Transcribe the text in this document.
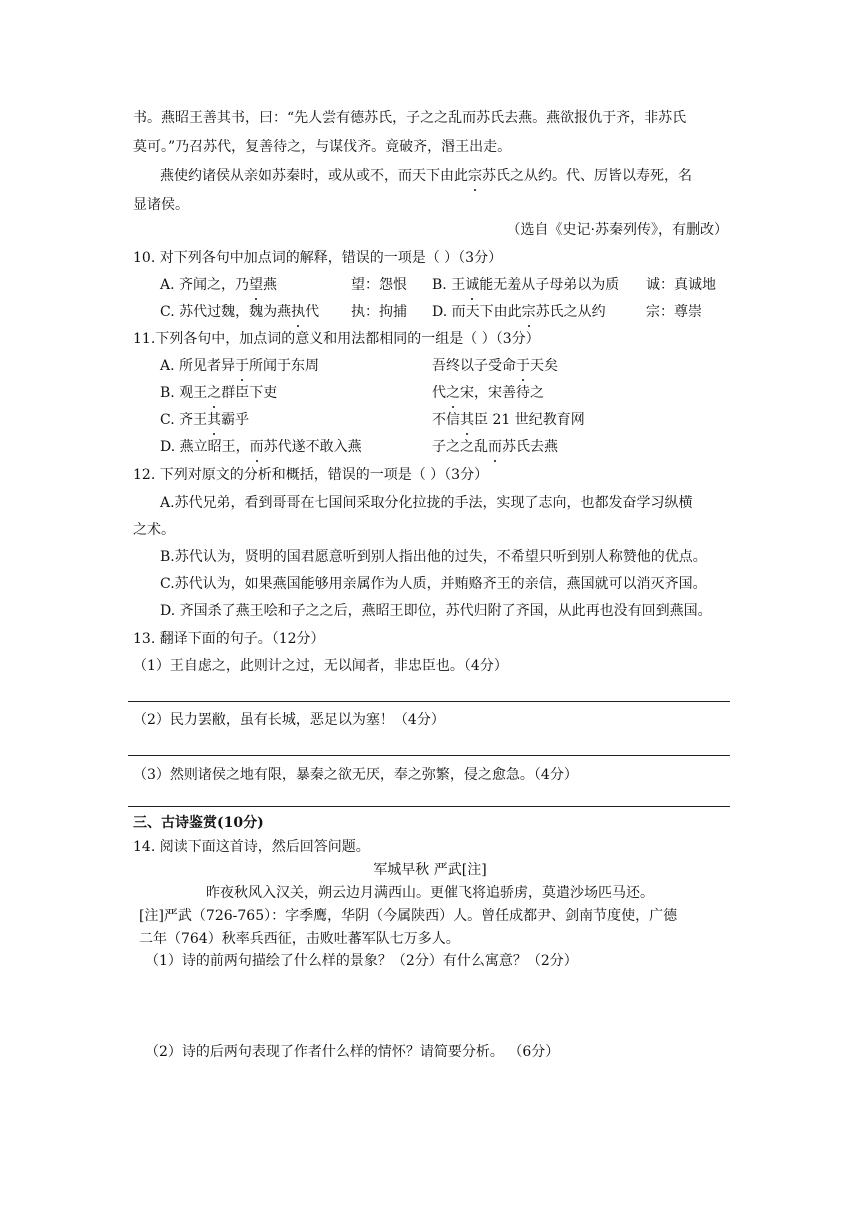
书。燕昭王善其书，曰：“先人尝有德苏氏，子之之乱而苏氏去燕。燕欲报仇于齐，非苏氏
莫可。”乃召苏代，复善待之，与谋伐齐。竟破齐，湣王出走。
燕使约诸侯从亲如苏秦时，或从或不，而天下由此宗苏氏之从约。代、厉皆以寿死，名
显诸侯。
（选自《史记·苏秦列传》，有删改）
10. 对下列各句中加点词的解释，错误的一项是（ ）（3分）
A. 齐闻之，乃望燕	望：怨恨 B. 王诚能无羞从子母弟以为质 诚：真诚地
C. 苏代过魏，魏为燕执代 执：拘捕 D. 而天下由此宗苏氏之从约	宗：尊崇
11.下列各句中，加点词的意义和用法都相同的一组是（ ）（3分）
A. 所见者异于所闻于东周	吾终以子受命于天矣
B. 观王之群臣下吏	代之宋，宋善待之
C. 齐王其霸乎	不信其臣 21 世纪教育网
D. 燕立昭王，而苏代遂不敢入燕	子之之乱而苏氏去燕
12. 下列对原文的分析和概括，错误的一项是（ ）（3分）
A.苏代兄弟，看到哥哥在七国间采取分化拉拢的手法，实现了志向，也都发奋学习纵横
之术。
B.苏代认为，贤明的国君愿意听到别人指出他的过失，不希望只听到别人称赞他的优点。
C.苏代认为，如果燕国能够用亲属作为人质，并贿赂齐王的亲信，燕国就可以消灭齐国。
D. 齐国杀了燕王哙和子之之后，燕昭王即位，苏代归附了齐国，从此再也没有回到燕国。
13. 翻译下面的句子。（12分）
（1）王自虑之，此则计之过，无以闻者，非忠臣也。（4分）
（2）民力罢敝，虽有长城，恶足以为塞！（4分）
（3）然则诸侯之地有限，暴秦之欲无厌，奉之弥繁，侵之愈急。（4分）
三、古诗鉴赏(10分)
14. 阅读下面这首诗，然后回答问题。
军城早秋 严武[注]
昨夜秋风入汉关，朔云边月满西山。更催飞将追骄虏，莫遣沙场匹马还。
[注]严武（726-765）：字季鹰，华阴（今属陕西）人。曾任成都尹、剑南节度使，广德
二年（764）秋率兵西征，击败吐蕃军队七万多人。
（1）诗的前两句描绘了什么样的景象？（2分）有什么寓意？（2分）
（2）诗的后两句表现了作者什么样的情怀？请简要分析。 （6分）
